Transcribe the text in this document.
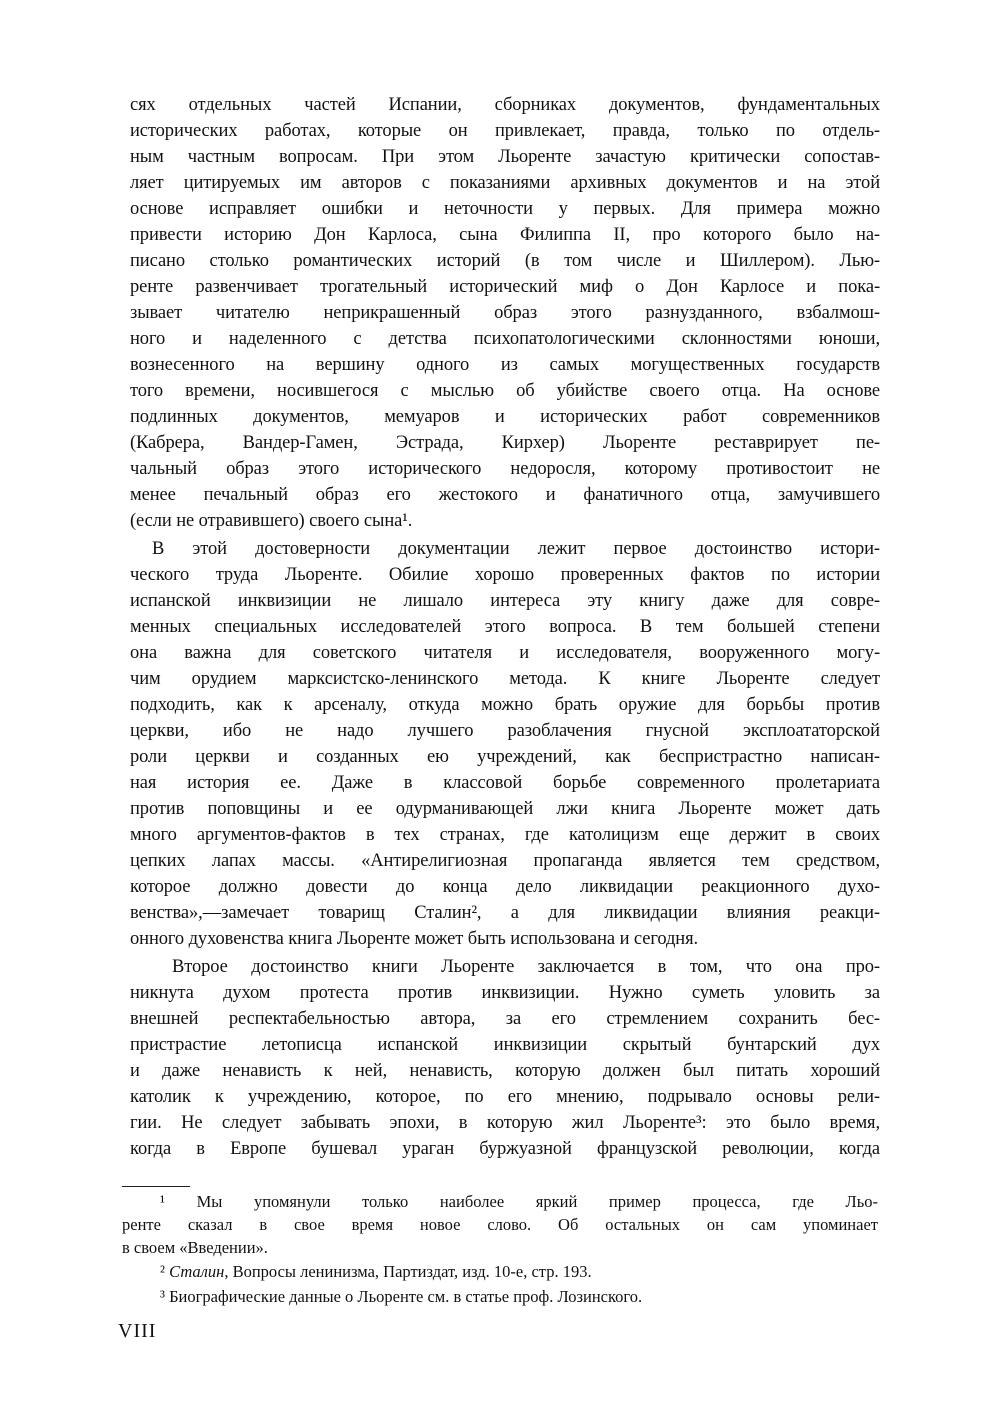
сях отдельных частей Испании, сборниках документов, фундаментальных
исторических работах, которые он привлекает, правда, только по отдель-
ным частным вопросам. При этом Льоренте зачастую критически сопостав-
ляет цитируемых им авторов с показаниями архивных документов и на этой
основе исправляет ошибки и неточности у первых. Для примера можно
привести историю Дон Карлоса, сына Филиппа II, про которого было на-
писано столько романтических историй (в том числе и Шиллером). Лью-
ренте развенчивает трогательный исторический миф о Дон Карлосе и пока-
зывает читателю неприкрашенный образ этого разнузданного, взбалмош-
ного и наделенного с детства психопатологическими склонностями юноши,
вознесенного на вершину одного из самых могущественных государств
того времени, носившегося с мыслью об убийстве своего отца. На основе
подлинных документов, мемуаров и исторических работ современников
(Кабрера, Вандер-Гамен, Эстрада, Кирхер) Льоренте реставрирует пе-
чальный образ этого исторического недоросля, которому противостоит не
менее печальный образ его жестокого и фанатичного отца, замучившего
(если не отравившего) своего сына¹.
В этой достоверности документации лежит первое достоинство истори-
ческого труда Льоренте. Обилие хорошо проверенных фактов по истории
испанской инквизиции не лишало интереса эту книгу даже для совре-
менных специальных исследователей этого вопроса. В тем большей степени
она важна для советского читателя и исследователя, вооруженного могу-
чим орудием марксистско-ленинского метода. К книге Льоренте следует
подходить, как к арсеналу, откуда можно брать оружие для борьбы против
церкви, ибо не надо лучшего разоблачения гнусной эксплоататорской
роли церкви и созданных ею учреждений, как беспристрастно написан-
ная история ее. Даже в классовой борьбе современного пролетариата
против поповщины и ее одурманивающей лжи книга Льоренте может дать
много аргументов-фактов в тех странах, где католицизм еще держит в своих
цепких лапах массы. «Антирелигиозная пропаганда является тем средством,
которое должно довести до конца дело ликвидации реакционного духо-
венства»,—замечает товарищ Сталин², а для ликвидации влияния реакци-
онного духовенства книга Льоренте может быть использована и сегодня.
Второе достоинство книги Льоренте заключается в том, что она про-
никнута духом протеста против инквизиции. Нужно суметь уловить за
внешней респектабельностью автора, за его стремлением сохранить бес-
пристрастие летописца испанской инквизиции скрытый бунтарский дух
и даже ненависть к ней, ненависть, которую должен был питать хороший
католик к учреждению, которое, по его мнению, подрывало основы рели-
гии. Не следует забывать эпохи, в которую жил Льоренте³: это было время,
когда в Европе бушевал ураган буржуазной французской революции, когда
¹ Мы упомянули только наиболее яркий пример процесса, где Льо-
ренте сказал в свое время новое слово. Об остальных он сам упоминает
в своем «Введении».
² Сталин, Вопросы ленинизма, Партиздат, изд. 10-е, стр. 193.
³ Биографические данные о Льоренте см. в статье проф. Лозинского.
VIII
